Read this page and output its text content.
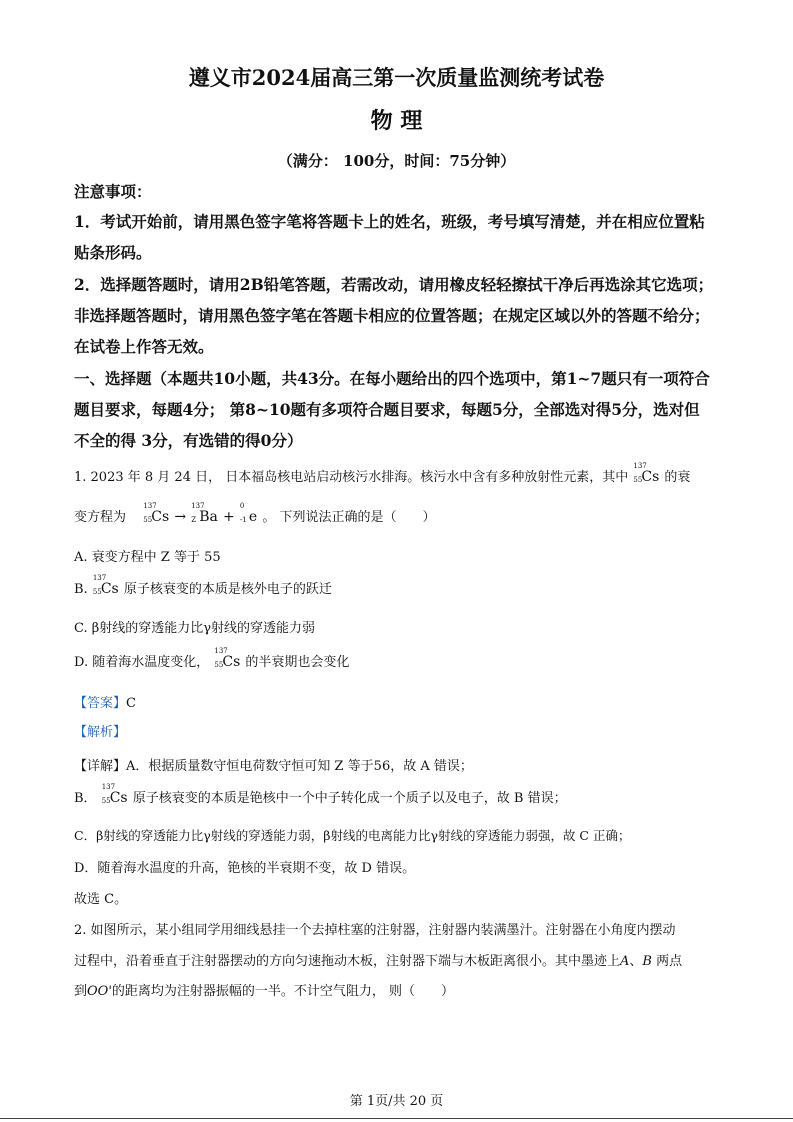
遵义市2024届高三第一次质量监测统考试卷
物 理
（满分： 100分，时间：75分钟）
注意事项：
1．考试开始前，请用黑色签字笔将答题卡上的姓名，班级，考号填写清楚，并在相应位置粘
贴条形码。
2．选择题答题时，请用2B铅笔答题，若需改动，请用橡皮轻轻擦拭干净后再选涂其它选项；
非选择题答题时，请用黑色签字笔在答题卡相应的位置答题；在规定区域以外的答题不给分；
在试卷上作答无效。
一、选择题（本题共10小题，共43分。在每小题给出的四个选项中，第1~7题只有一项符合
题目要求，每题4分； 第8~10题有多项符合题目要求，每题5分，全部选对得5分，选对但
不全的得 3分，有选错的得0分）
1. 2023 年 8 月 24 日， 日本福岛核电站启动核污水排海。核污水中含有多种放射性元素，其中
137
55 Cs 的衰
变方程为
137
55 Cs →
137
Z Ba +
0
-1 e 。 下列说法正确的是（　　）
A. 衰变方程中 Z 等于 55
B.
137
55 Cs 原子核衰变的本质是核外电子的跃迁
C. β射线的穿透能力比γ射线的穿透能力弱
D. 随着海水温度变化，
137
55 Cs 的半衰期也会变化
【答案】C
【解析】
【详解】A．根据质量数守恒电荷数守恒可知 Z 等于56，故 A 错误；
B．
137
55 Cs 原子核衰变的本质是铯核中一个中子转化成一个质子以及电子，故 B 错误；
C．β射线的穿透能力比γ射线的穿透能力弱，β射线的电离能力比γ射线的穿透能力弱强，故 C 正确；
D．随着海水温度的升高，铯核的半衰期不变，故 D 错误。
故选 C。
2. 如图所示，某小组同学用细线悬挂一个去掉柱塞的注射器，注射器内装满墨汁。注射器在小角度内摆动
过程中，沿着垂直于注射器摆动的方向匀速拖动木板，注射器下端与木板距离很小。其中墨迹上A、B 两点
到OO'的距离均为注射器振幅的一半。不计空气阻力， 则（　　）
第 1页/共 20 页
